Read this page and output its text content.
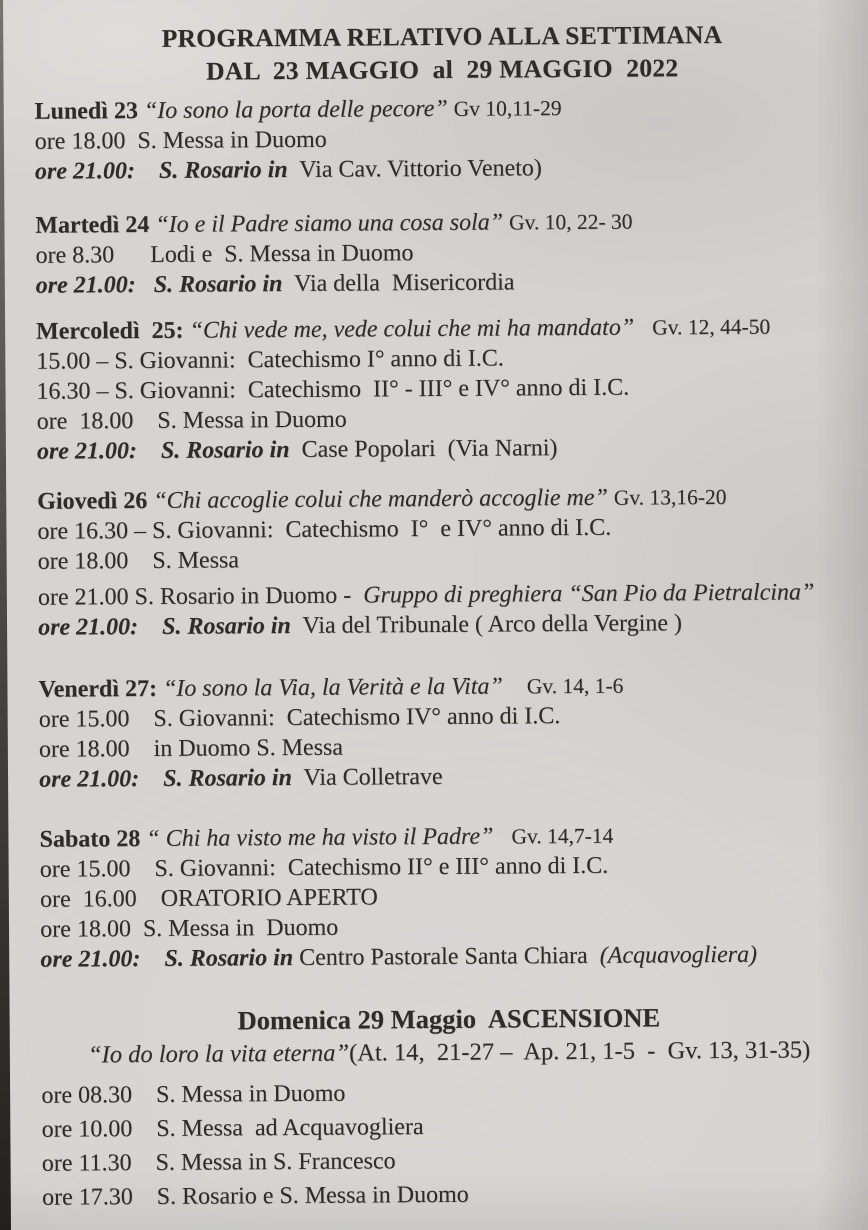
PROGRAMMA RELATIVO ALLA SETTIMANA
DAL  23 MAGGIO  al  29 MAGGIO  2022
Lunedì 23 “Io sono la porta delle pecore” Gv 10,11-29
ore 18.00  S. Messa in Duomo
ore 21.00: S. Rosario in  Via Cav. Vittorio Veneto)
Martedì 24 “Io e il Padre siamo una cosa sola” Gv. 10, 22- 30
ore 8.30      Lodi e  S. Messa in Duomo
ore 21.00: S. Rosario in  Via della  Misericordia
Mercoledì  25: “Chi vede me, vede colui che mi ha mandato”   Gv. 12, 44-50
15.00 – S. Giovanni:  Catechismo I° anno di I.C.
16.30 – S. Giovanni:  Catechismo  II° - III° e IV° anno di I.C.
ore  18.00    S. Messa in Duomo
ore 21.00: S. Rosario in  Case Popolari  (Via Narni)
Giovedì 26 “Chi accoglie colui che manderò accoglie me” Gv. 13,16-20
ore 16.30 – S. Giovanni:  Catechismo  I°  e IV° anno di I.C.
ore 18.00    S. Messa
ore 21.00 S. Rosario in Duomo -  Gruppo di preghiera “San Pio da Pietralcina”
ore 21.00: S. Rosario in  Via del Tribunale ( Arco della Vergine )
Venerdì 27: “Io sono la Via, la Verità e la Vita”    Gv. 14, 1-6
ore 15.00    S. Giovanni:  Catechismo IV° anno di I.C.
ore 18.00    in Duomo S. Messa
ore 21.00: S. Rosario in  Via Colletrave
Sabato 28 “ Chi ha visto me ha visto il Padre”   Gv. 14,7-14
ore 15.00    S. Giovanni:  Catechismo II° e III° anno di I.C.
ore  16.00    ORATORIO APERTO
ore 18.00  S. Messa in  Duomo
ore 21.00: S. Rosario in Centro Pastorale Santa Chiara  (Acquavogliera)
Domenica 29 Maggio  ASCENSIONE
“Io do loro la vita eterna”(At. 14,  21-27 –  Ap. 21, 1-5  -  Gv. 13, 31-35)
ore 08.30    S. Messa in Duomo
ore 10.00    S. Messa  ad Acquavogliera
ore 11.30    S. Messa in S. Francesco
ore 17.30    S. Rosario e S. Messa in Duomo
